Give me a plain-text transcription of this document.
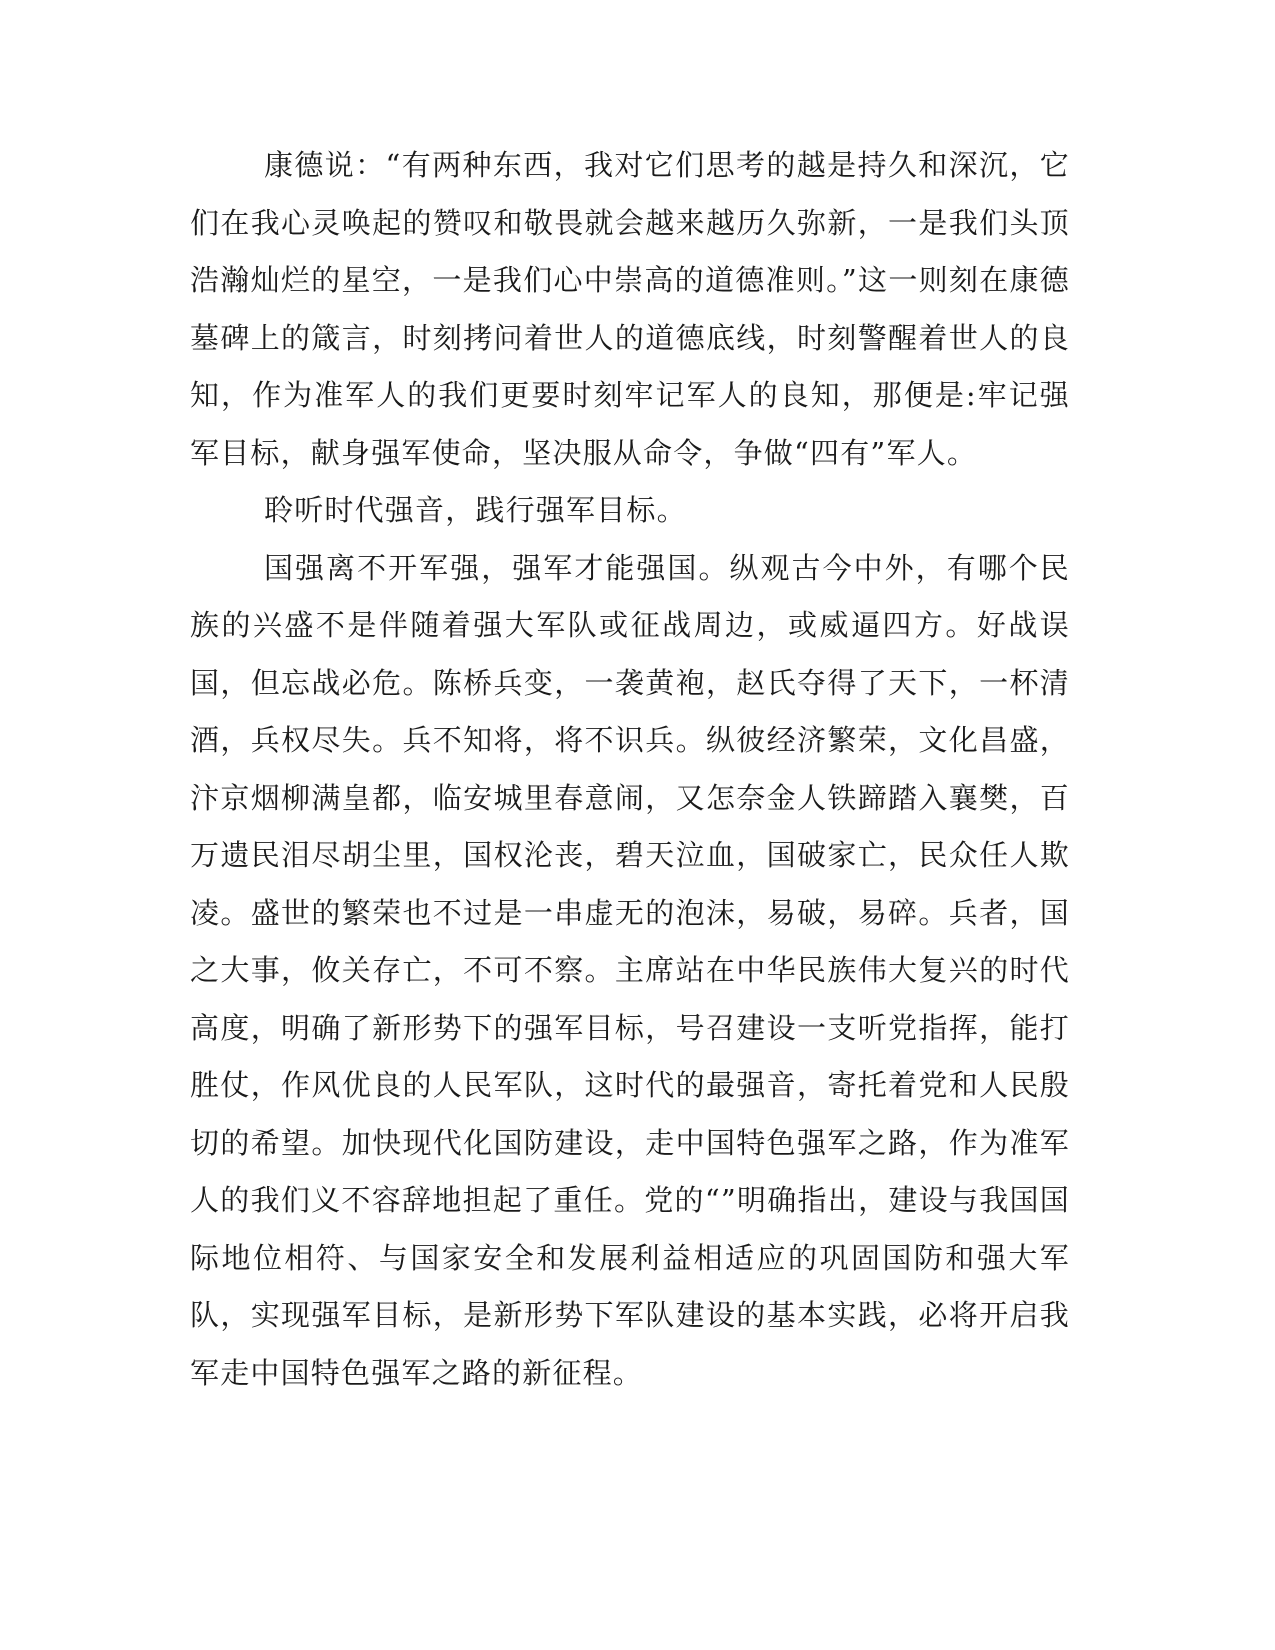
康德说：“有两种东西，我对它们思考的越是持久和深沉，它们在我心灵唤起的赞叹和敬畏就会越来越历久弥新，一是我们头顶浩瀚灿烂的星空，一是我们心中崇高的道德准则。”这一则刻在康德墓碑上的箴言，时刻拷问着世人的道德底线，时刻警醒着世人的良知，作为准军人的我们更要时刻牢记军人的良知，那便是:牢记强军目标，献身强军使命，坚决服从命令，争做“四有”军人。

聆听时代强音，践行强军目标。

国强离不开军强，强军才能强国。纵观古今中外，有哪个民族的兴盛不是伴随着强大军队或征战周边，或威逼四方。好战误国，但忘战必危。陈桥兵变，一袭黄袍，赵氏夺得了天下，一杯清酒，兵权尽失。兵不知将，将不识兵。纵彼经济繁荣，文化昌盛，汴京烟柳满皇都，临安城里春意闹，又怎奈金人铁蹄踏入襄樊，百万遗民泪尽胡尘里，国权沦丧，碧天泣血，国破家亡，民众任人欺凌。盛世的繁荣也不过是一串虚无的泡沫，易破，易碎。兵者，国之大事，攸关存亡，不可不察。主席站在中华民族伟大复兴的时代高度，明确了新形势下的强军目标，号召建设一支听党指挥，能打胜仗，作风优良的人民军队，这时代的最强音，寄托着党和人民殷切的希望。加快现代化国防建设，走中国特色强军之路，作为准军人的我们义不容辞地担起了重任。党的“”明确指出，建设与我国国际地位相符、与国家安全和发展利益相适应的巩固国防和强大军队，实现强军目标，是新形势下军队建设的基本实践，必将开启我军走中国特色强军之路的新征程。
